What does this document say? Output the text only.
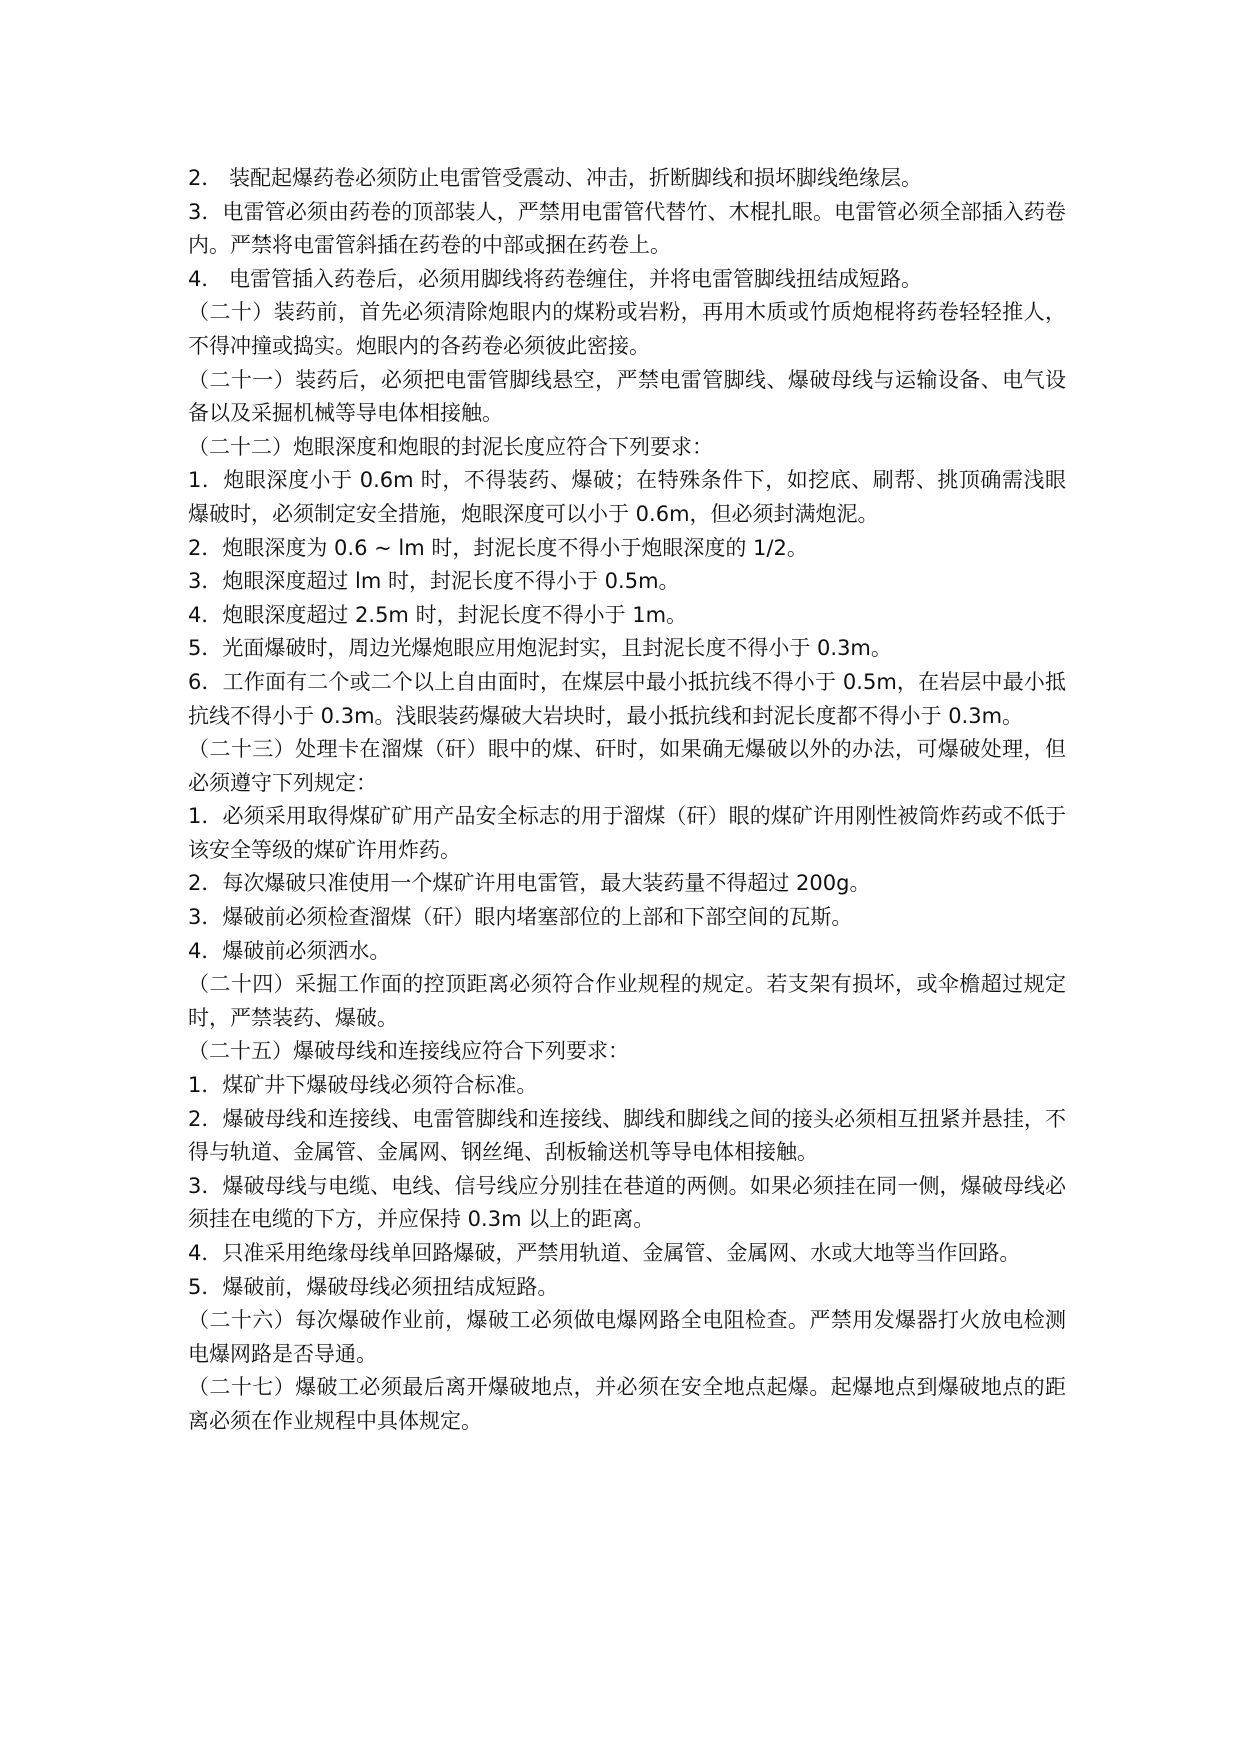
2． 装配起爆药卷必须防止电雷管受震动、冲击，折断脚线和损坏脚线绝缘层。

3．电雷管必须由药卷的顶部装人，严禁用电雷管代替竹、木棍扎眼。电雷管必须全部插入药卷内。严禁将电雷管斜插在药卷的中部或捆在药卷上。

4． 电雷管插入药卷后，必须用脚线将药卷缠住，并将电雷管脚线扭结成短路。

（二十）装药前，首先必须清除炮眼内的煤粉或岩粉，再用木质或竹质炮棍将药卷轻轻推人，不得冲撞或捣实。炮眼内的各药卷必须彼此密接。

（二十一）装药后，必须把电雷管脚线悬空，严禁电雷管脚线、爆破母线与运输设备、电气设备以及采掘机械等导电体相接触。

（二十二）炮眼深度和炮眼的封泥长度应符合下列要求：

1．炮眼深度小于 0.6m 时，不得装药、爆破；在特殊条件下，如挖底、刷帮、挑顶确需浅眼爆破时，必须制定安全措施，炮眼深度可以小于 0.6m，但必须封满炮泥。

2．炮眼深度为 0.6 ~ lm 时，封泥长度不得小于炮眼深度的 1/2。

3．炮眼深度超过 lm 时，封泥长度不得小于 0.5m。

4．炮眼深度超过 2.5m 时，封泥长度不得小于 1m。

5．光面爆破时，周边光爆炮眼应用炮泥封实，且封泥长度不得小于 0.3m。

6．工作面有二个或二个以上自由面时，在煤层中最小抵抗线不得小于 0.5m，在岩层中最小抵抗线不得小于 0.3m。浅眼装药爆破大岩块时，最小抵抗线和封泥长度都不得小于 0.3m。

（二十三）处理卡在溜煤（矸）眼中的煤、矸时，如果确无爆破以外的办法，可爆破处理，但必须遵守下列规定：

1．必须采用取得煤矿矿用产品安全标志的用于溜煤（矸）眼的煤矿许用刚性被筒炸药或不低于该安全等级的煤矿许用炸药。

2．每次爆破只准使用一个煤矿许用电雷管，最大装药量不得超过 200g。

3．爆破前必须检查溜煤（矸）眼内堵塞部位的上部和下部空间的瓦斯。

4．爆破前必须洒水。

（二十四）采掘工作面的控顶距离必须符合作业规程的规定。若支架有损坏，或伞檐超过规定时，严禁装药、爆破。

（二十五）爆破母线和连接线应符合下列要求：

1．煤矿井下爆破母线必须符合标准。

2．爆破母线和连接线、电雷管脚线和连接线、脚线和脚线之间的接头必须相互扭紧并悬挂，不得与轨道、金属管、金属网、钢丝绳、刮板输送机等导电体相接触。

3．爆破母线与电缆、电线、信号线应分别挂在巷道的两侧。如果必须挂在同一侧，爆破母线必须挂在电缆的下方，并应保持 0.3m 以上的距离。

4．只准采用绝缘母线单回路爆破，严禁用轨道、金属管、金属网、水或大地等当作回路。

5．爆破前，爆破母线必须扭结成短路。

（二十六）每次爆破作业前，爆破工必须做电爆网路全电阻检查。严禁用发爆器打火放电检测电爆网路是否导通。

（二十七）爆破工必须最后离开爆破地点，并必须在安全地点起爆。起爆地点到爆破地点的距离必须在作业规程中具体规定。
